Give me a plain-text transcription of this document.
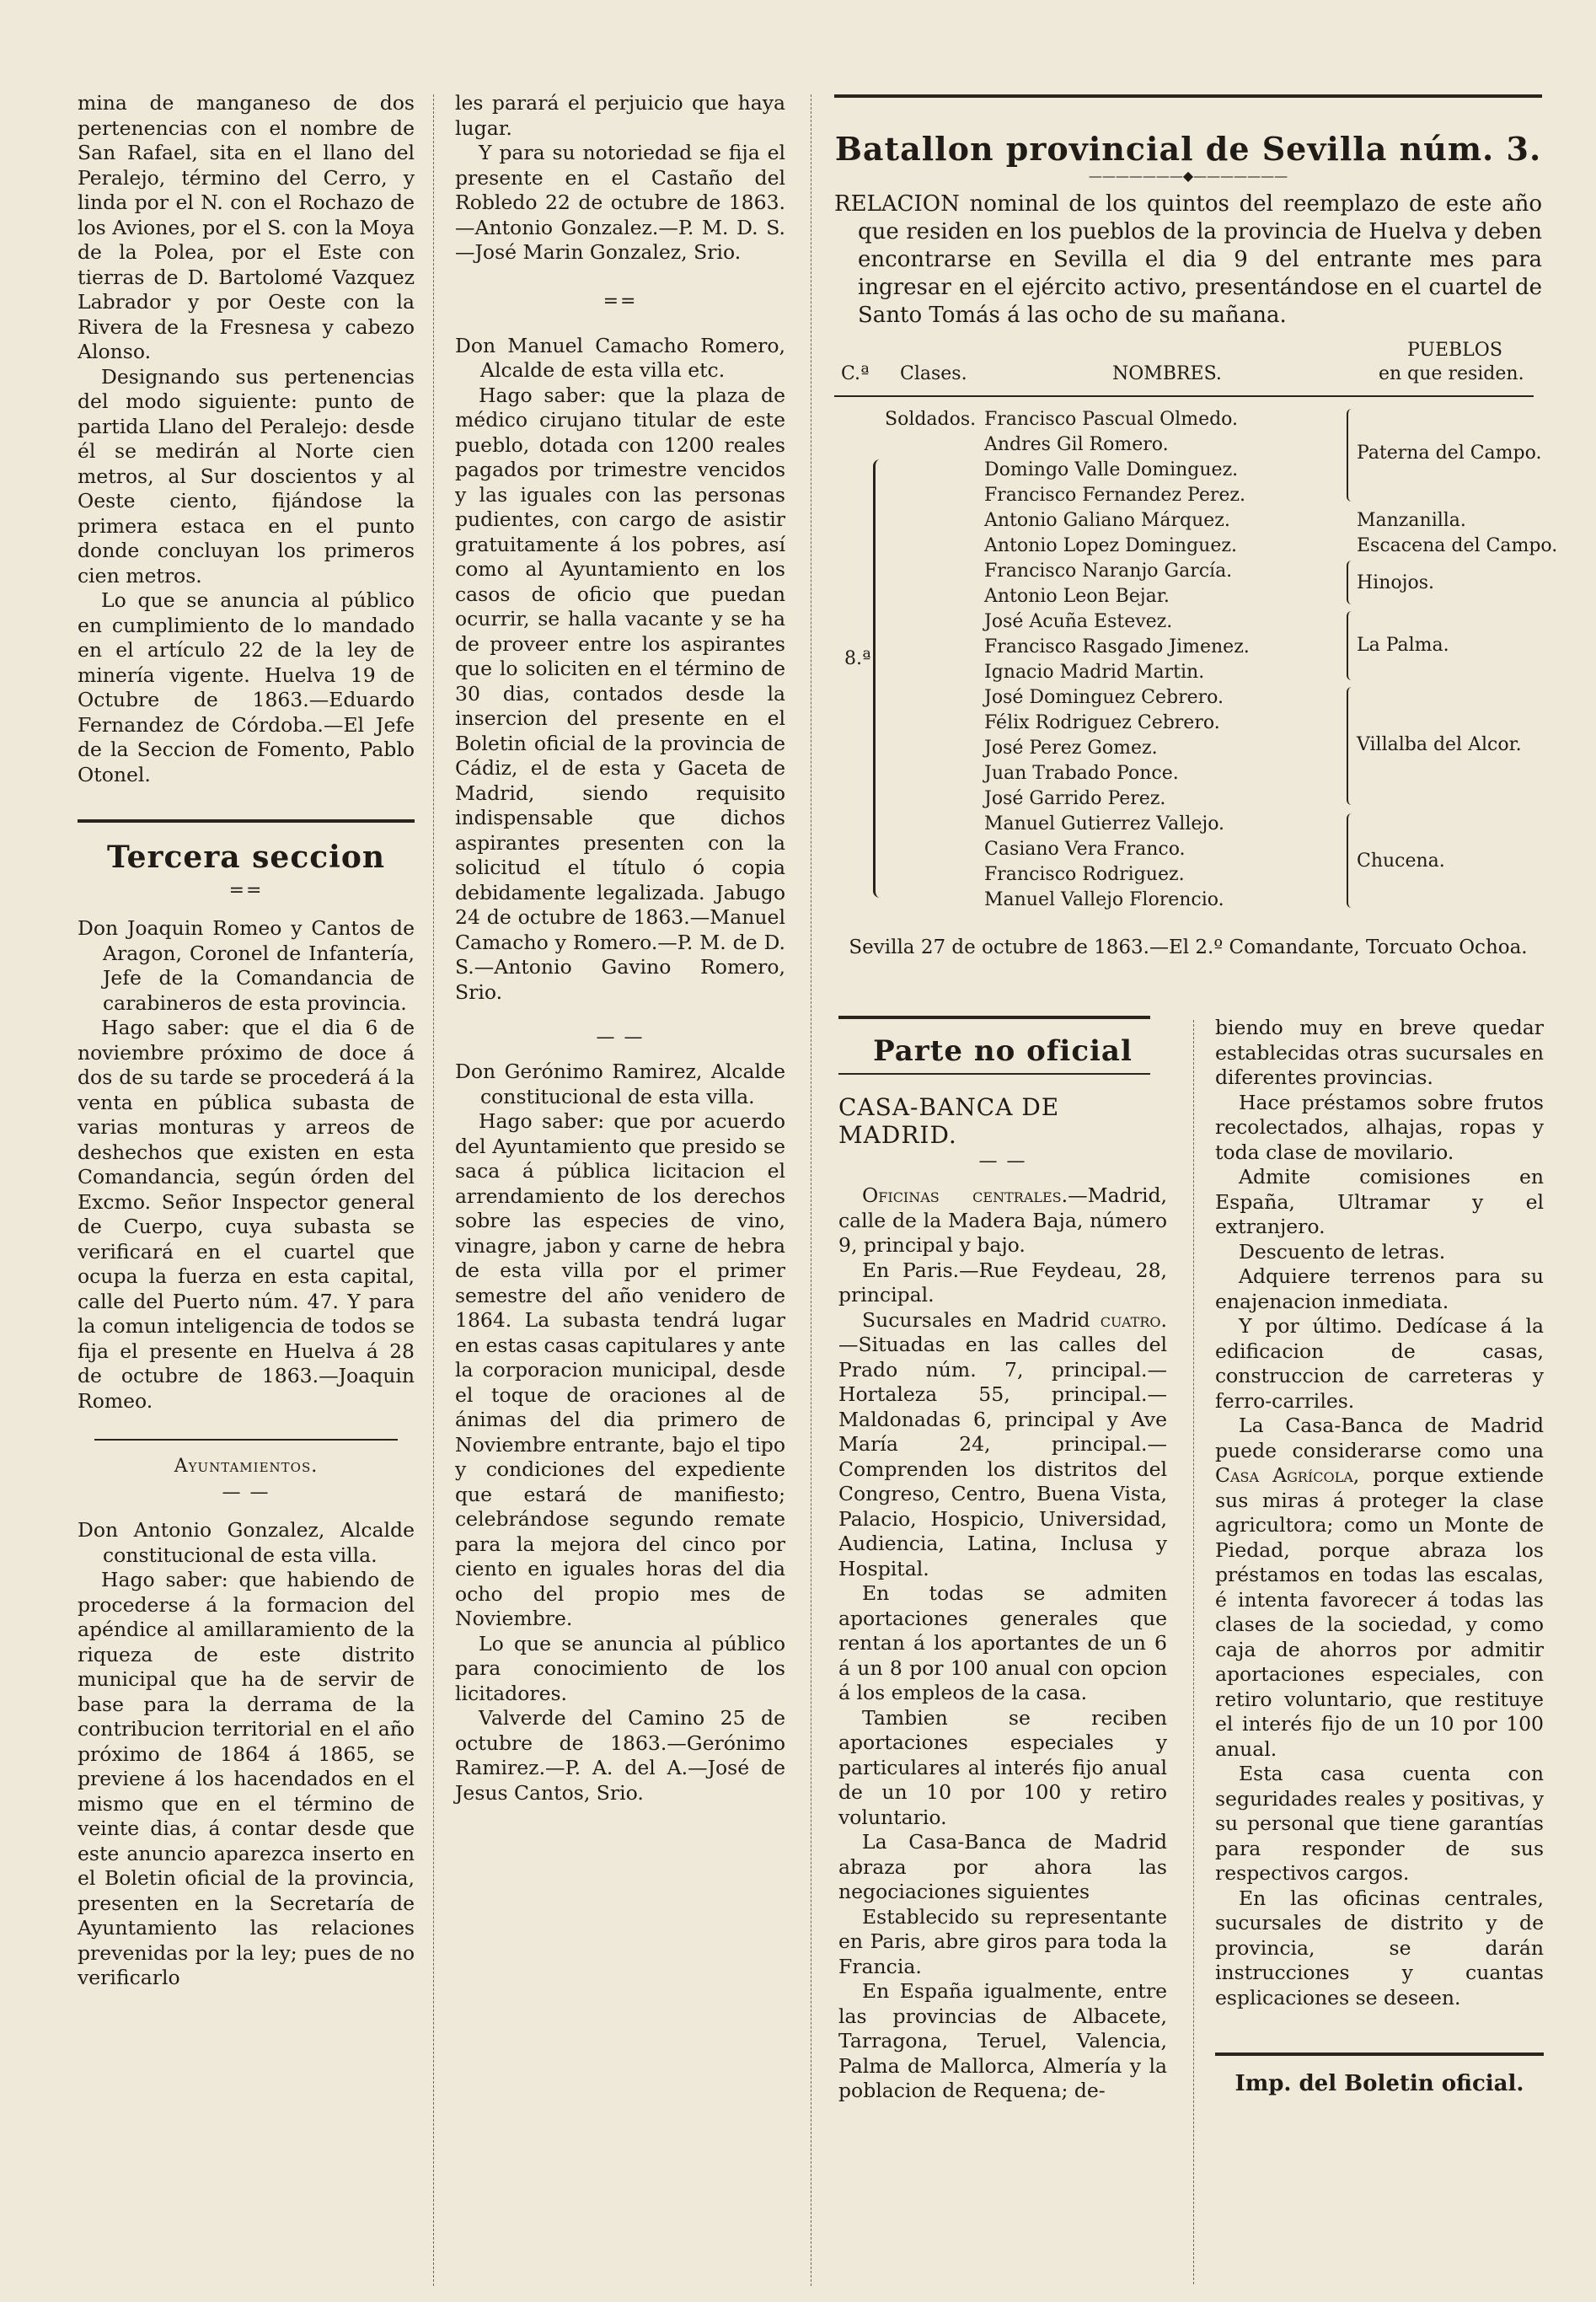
mina de manganeso de dos pertenencias con el nombre de San Rafael, sita en el llano del Peralejo, término del Cerro, y linda por el N. con el Rochazo de los Aviones, por el S. con la Moya de la Polea, por el Este con tierras de D. Bartolomé Vazquez Labrador y por Oeste con la Rivera de la Fresnesa y cabezo Alonso.

Designando sus pertenencias del modo siguiente: punto de partida Llano del Peralejo: desde él se medirán al Norte cien metros, al Sur doscientos y al Oeste ciento, fijándose la primera estaca en el punto donde concluyan los primeros cien metros.

Lo que se anuncia al público en cumplimiento de lo mandado en el artículo 22 de la ley de minería vigente. Huelva 19 de Octubre de 1863.—Eduardo Fernandez de Córdoba.—El Jefe de la Seccion de Fomento, Pablo Otonel.

Tercera seccion
==

Don Joaquin Romeo y Cantos de Aragon, Coronel de Infantería, Jefe de la Comandancia de carabineros de esta provincia.

Hago saber: que el dia 6 de noviembre próximo de doce á dos de su tarde se procederá á la venta en pública subasta de varias monturas y arreos de deshechos que existen en esta Comandancia, según órden del Excmo. Señor Inspector general de Cuerpo, cuya subasta se verificará en el cuartel que ocupa la fuerza en esta capital, calle del Puerto núm. 47. Y para la comun inteligencia de todos se fija el presente en Huelva á 28 de octubre de 1863.—Joaquin Romeo.

Ayuntamientos.
— —

Don Antonio Gonzalez, Alcalde constitucional de esta villa.

Hago saber: que habiendo de procederse á la formacion del apéndice al amillaramiento de la riqueza de este distrito municipal que ha de servir de base para la derrama de la contribucion territorial en el año próximo de 1864 á 1865, se previene á los hacendados en el mismo que en el término de veinte dias, á contar desde que este anuncio aparezca inserto en el Boletin oficial de la provincia, presenten en la Secretaría de Ayuntamiento las relaciones prevenidas por la ley; pues de no verificarlo

les parará el perjuicio que haya lugar.

Y para su notoriedad se fija el presente en el Castaño del Robledo 22 de octubre de 1863.—Antonio Gonzalez.—P. M. D. S.—José Marin Gonzalez, Srio.

==

Don Manuel Camacho Romero, Alcalde de esta villa etc.

Hago saber: que la plaza de médico cirujano titular de este pueblo, dotada con 1200 reales pagados por trimestre vencidos y las iguales con las personas pudientes, con cargo de asistir gratuitamente á los pobres, así como al Ayuntamiento en los casos de oficio que puedan ocurrir, se halla vacante y se ha de proveer entre los aspirantes que lo soliciten en el término de 30 dias, contados desde la insercion del presente en el Boletin oficial de la provincia de Cádiz, el de esta y Gaceta de Madrid, siendo requisito indispensable que dichos aspirantes presenten con la solicitud el título ó copia debidamente legalizada. Jabugo 24 de octubre de 1863.—Manuel Camacho y Romero.—P. M. de D. S.—Antonio Gavino Romero, Srio.

— —

Don Gerónimo Ramirez, Alcalde constitucional de esta villa.

Hago saber: que por acuerdo del Ayuntamiento que presido se saca á pública licitacion el arrendamiento de los derechos sobre las especies de vino, vinagre, jabon y carne de hebra de esta villa por el primer semestre del año venidero de 1864. La subasta tendrá lugar en estas casas capitulares y ante la corporacion municipal, desde el toque de oraciones al de ánimas del dia primero de Noviembre entrante, bajo el tipo y condiciones del expediente que estará de manifiesto; celebrándose segundo remate para la mejora del cinco por ciento en iguales horas del dia ocho del propio mes de Noviembre.

Lo que se anuncia al público para conocimiento de los licitadores.

Valverde del Camino 25 de octubre de 1863.—Gerónimo Ramirez.—P. A. del A.—José de Jesus Cantos, Srio.

Batallon provincial de Sevilla núm. 3.
———————◆———————
RELACION nominal de los quintos del reemplazo de este año que residen en los pueblos de la provincia de Huelva y deben encontrarse en Sevilla el dia 9 del entrante mes para ingresar en el ejército activo, presentándose en el cuartel de Santo Tomás á las ocho de su mañana.
C.ª Clases.	NOMBRES.
PUEBLOS
en que residen.
Soldados.
8.ª
Francisco Pascual Olmedo.
Andres Gil Romero.
Domingo Valle Dominguez.
Francisco Fernandez Perez.
Antonio Galiano Márquez.
Antonio Lopez Dominguez.
Francisco Naranjo García.
Antonio Leon Bejar.
José Acuña Estevez.
Francisco Rasgado Jimenez.
Ignacio Madrid Martin.
José Dominguez Cebrero.
Félix Rodriguez Cebrero.
José Perez Gomez.
Juan Trabado Ponce.
José Garrido Perez.
Manuel Gutierrez Vallejo.
Casiano Vera Franco.
Francisco Rodriguez.
Manuel Vallejo Florencio.
Paterna del Campo.
Manzanilla.
Escacena del Campo.
Hinojos.
La Palma.
Villalba del Alcor.
Chucena.
Sevilla 27 de octubre de 1863.—El 2.º Comandante, Torcuato Ochoa.
Parte no oficial
CASA-BANCA DE MADRID.
— —

Oficinas centrales.—Madrid, calle de la Madera Baja, número 9, principal y bajo.

En Paris.—Rue Feydeau, 28, principal.

Sucursales en Madrid cuatro.—Situadas en las calles del Prado núm. 7, principal.—Hortaleza 55, principal.—Maldonadas 6, principal y Ave María 24, principal.—Comprenden los distritos del Congreso, Centro, Buena Vista, Palacio, Hospicio, Universidad, Audiencia, Latina, Inclusa y Hospital.

En todas se admiten aportaciones generales que rentan á los aportantes de un 6 á un 8 por 100 anual con opcion á los empleos de la casa.

Tambien se reciben aportaciones especiales y particulares al interés fijo anual de un 10 por 100 y retiro voluntario.

La Casa-Banca de Madrid abraza por ahora las negociaciones siguientes

Establecido su representante en Paris, abre giros para toda la Francia.

En España igualmente, entre las provincias de Albacete, Tarragona, Teruel, Valencia, Palma de Mallorca, Almería y la poblacion de Requena; de-

biendo muy en breve quedar establecidas otras sucursales en diferentes provincias.

Hace préstamos sobre frutos recolectados, alhajas, ropas y toda clase de movilario.

Admite comisiones en España, Ultramar y el extranjero.

Descuento de letras.

Adquiere terrenos para su enajenacion inmediata.

Y por último. Dedícase á la edificacion de casas, construccion de carreteras y ferro-carriles.

La Casa-Banca de Madrid puede considerarse como una Casa Agrícola, porque extiende sus miras á proteger la clase agricultora; como un Monte de Piedad, porque abraza los préstamos en todas las escalas, é intenta favorecer á todas las clases de la sociedad, y como caja de ahorros por admitir aportaciones especiales, con retiro voluntario, que restituye el interés fijo de un 10 por 100 anual.

Esta casa cuenta con seguridades reales y positivas, y su personal que tiene garantías para responder de sus respectivos cargos.

En las oficinas centrales, sucursales de distrito y de provincia, se darán instrucciones y cuantas esplicaciones se deseen.

Imp. del Boletin oficial.
